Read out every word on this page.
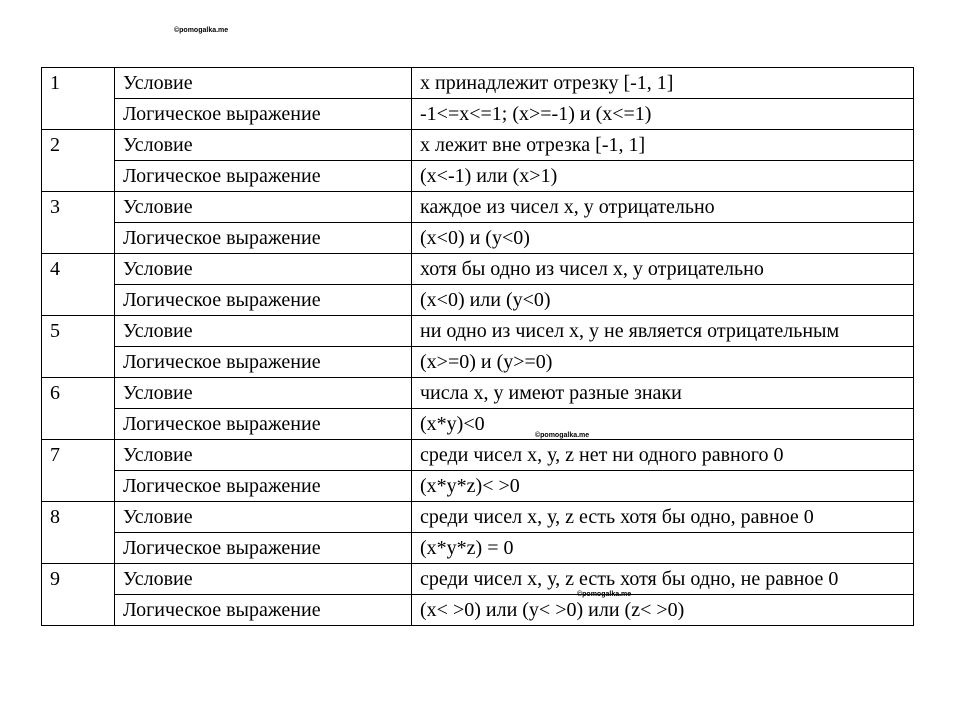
©pomogalka.me
1	Условие	х принадлежит отрезку [-1, 1]
	Логическое выражение	-1<=х<=1; (х>=-1) и (х<=1)
2	Условие	х лежит вне отрезка [-1, 1]
	Логическое выражение	(х<-1) или (х>1)
3	Условие	каждое из чисел х, у отрицательно
	Логическое выражение	(х<0) и (у<0)
4	Условие	хотя бы одно из чисел х, у отрицательно
	Логическое выражение	(х<0) или (у<0)
5	Условие	ни одно из чисел х, у не является отрицательным
	Логическое выражение	(х>=0) и (у>=0)
6	Условие	числа х, у имеют разные знаки
	Логическое выражение	(х*у)<0
7	Условие	среди чисел х, у, z нет ни одного равного 0
	Логическое выражение	(х*у*z)< >0
8	Условие	среди чисел х, у, z есть хотя бы одно, равное 0
	Логическое выражение	(х*у*z) = 0
9	Условие	среди чисел х, у, z есть хотя бы одно, не равное 0
	Логическое выражение	(х< >0) или (у< >0) или (z< >0)
©pomogalka.me
©pomogalka.me
